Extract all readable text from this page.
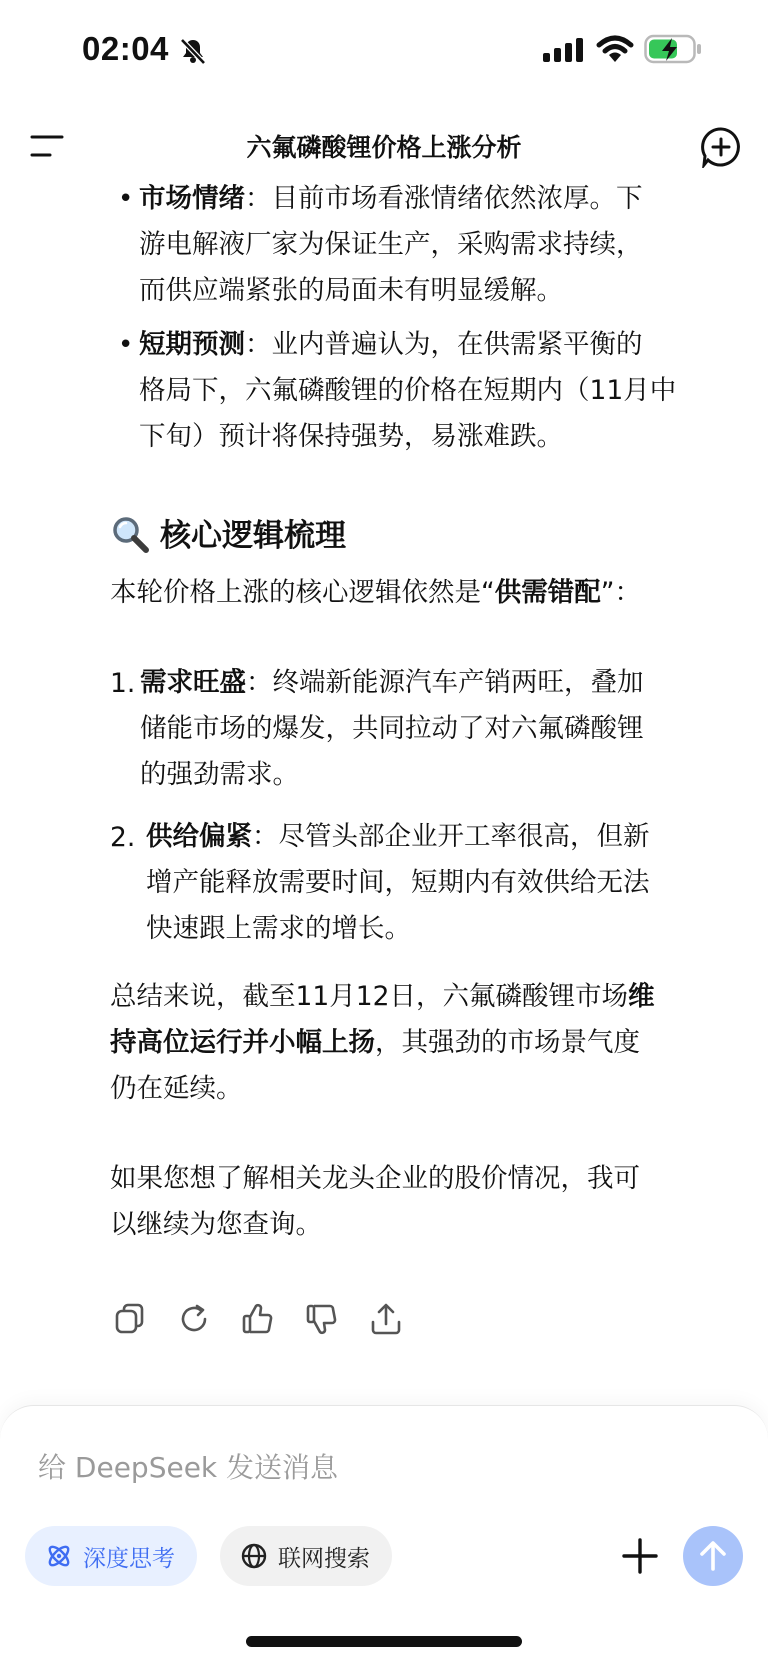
02:04
六氟磷酸锂价格上涨分析
• 市场情绪：目前市场看涨情绪依然浓厚。下
游电解液厂家为保证生产，采购需求持续，
而供应端紧张的局面未有明显缓解。

• 短期预测：业内普遍认为，在供需紧平衡的
格局下，六氟磷酸锂的价格在短期内（11月中
下旬）预计将保持强势，易涨难跌。

核心逻辑梳理

本轮价格上涨的核心逻辑依然是“供需错配”：

1. 需求旺盛：终端新能源汽车产销两旺，叠加
储能市场的爆发，共同拉动了对六氟磷酸锂
的强劲需求。

2. 供给偏紧：尽管头部企业开工率很高，但新
增产能释放需要时间，短期内有效供给无法
快速跟上需求的增长。

总结来说，截至11月12日，六氟磷酸锂市场维
持高位运行并小幅上扬，其强劲的市场景气度
仍在延续。

如果您想了解相关龙头企业的股价情况，我可
以继续为您查询。

给 DeepSeek 发送消息
深度思考	联网搜索
